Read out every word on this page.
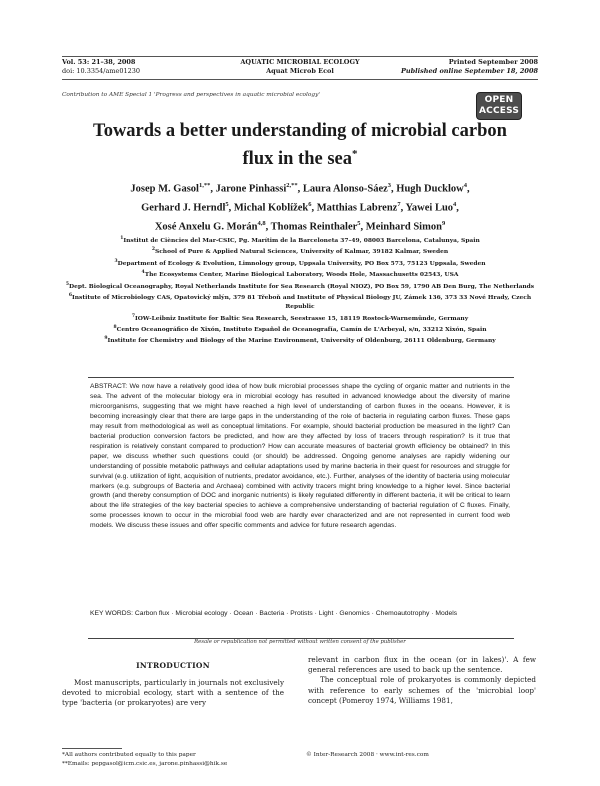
Vol. 53: 21–38, 2008
doi: 10.3354/ame01230
AQUATIC MICROBIAL ECOLOGY
Aquat Microb Ecol
Printed September 2008
Published online September 18, 2008
Contribution to AME Special 1 'Progress and perspectives in aquatic microbial ecology'	OPEN
ACCESS
Towards a better understanding of microbial carbon flux in the sea*
Josep M. Gasol$^{1,**}$, Jarone Pinhassi$^{2,**}$, Laura Alonso-Sáez$^3$, Hugh Ducklow$^4$,
Gerhard J. Herndl$^5$, Michal Koblížek$^6$, Matthias Labrenz$^7$, Yawei Luo$^4$,
Xosé Anxelu G. Morán$^{4,8}$, Thomas Reinthaler$^5$, Meinhard Simon$^9$
$^1$Institut de Ciències del Mar-CSIC, Pg. Marítim de la Barceloneta 37–49, 08003 Barcelona, Catalunya, Spain
$^2$School of Pure & Applied Natural Sciences, University of Kalmar, 39182 Kalmar, Sweden
$^3$Department of Ecology & Evolution, Limnology group, Uppsala University, PO Box 573, 75123 Uppsala, Sweden
$^4$The Ecosystems Center, Marine Biological Laboratory, Woods Hole, Massachusetts 02543, USA
$^5$Dept. Biological Oceanography, Royal Netherlands Institute for Sea Research (Royal NIOZ), PO Box 59, 1790 AB Den Burg, The Netherlands
$^6$Institute of Microbiology CAS, Opatovický mlýn, 379 81 Třeboň and Institute of Physical Biology JU, Zámek 136, 373 33 Nové Hrady, Czech Republic
$^7$IOW-Leibniz Institute for Baltic Sea Research, Seestrasse 15, 18119 Rostock-Warnemünde, Germany
$^8$Centro Oceanográfico de Xixón, Instituto Español de Oceanografía, Camín de L'Arbeyal, s/n, 33212 Xixón, Spain
$^9$Institute for Chemistry and Biology of the Marine Environment, University of Oldenburg, 26111 Oldenburg, Germany
ABSTRACT: We now have a relatively good idea of how bulk microbial processes shape the cycling of organic matter and nutrients in the sea. The advent of the molecular biology era in microbial ecology has resulted in advanced knowledge about the diversity of marine microorganisms, suggesting that we might have reached a high level of understanding of carbon fluxes in the oceans. However, it is becoming increasingly clear that there are large gaps in the understanding of the role of bacteria in regulating carbon fluxes. These gaps may result from methodological as well as conceptual limitations. For example, should bacterial production be measured in the light? Can bacterial production conversion factors be predicted, and how are they affected by loss of tracers through respiration? Is it true that respiration is relatively constant compared to production? How can accurate measures of bacterial growth efficiency be obtained? In this paper, we discuss whether such questions could (or should) be addressed. Ongoing genome analyses are rapidly widening our understanding of possible metabolic pathways and cellular adaptations used by marine bacteria in their quest for resources and struggle for survival (e.g. utilization of light, acquisition of nutrients, predator avoidance, etc.). Further, analyses of the identity of bacteria using molecular markers (e.g. subgroups of Bacteria and Archaea) combined with activity tracers might bring knowledge to a higher level. Since bacterial growth (and thereby consumption of DOC and inorganic nutrients) is likely regulated differently in different bacteria, it will be critical to learn about the life strategies of the key bacterial species to achieve a comprehensive understanding of bacterial regulation of C fluxes. Finally, some processes known to occur in the microbial food web are hardly ever characterized and are not represented in current food web models. We discuss these issues and offer specific comments and advice for future research agendas.
KEY WORDS: Carbon flux · Microbial ecology · Ocean · Bacteria · Protists · Light · Genomics · Chemoautotrophy · Models
Resale or republication not permitted without written consent of the publisher
INTRODUCTION

Most manuscripts, particularly in journals not exclusively devoted to microbial ecology, start with a sentence of the type 'bacteria (or prokaryotes) are very

relevant in carbon flux in the ocean (or in lakes)'. A few general references are used to back up the sentence.

The conceptual role of prokaryotes is commonly depicted with reference to early schemes of the 'microbial loop' concept (Pomeroy 1974, Williams 1981,

*All authors contributed equally to this paper
**Emails: pepgasol@icm.csic.es, jarone.pinhassi@hik.se
© Inter-Research 2008 · www.int-res.com
